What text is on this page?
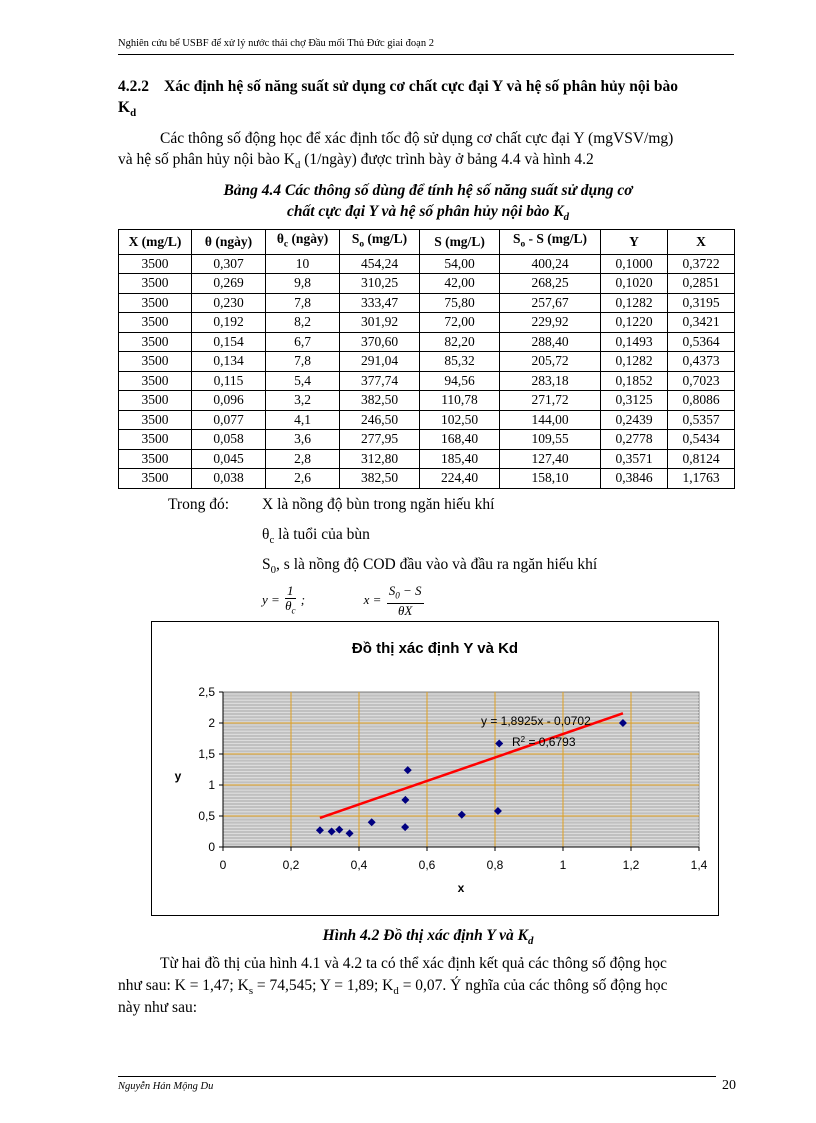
Nghiên cứu bể USBF để xử lý nước thải chợ Đầu mối Thủ Đức giai đoạn 2
4.2.2 Xác định hệ số năng suất sử dụng cơ chất cực đại Y và hệ số phân hủy nội bào
$K_d$
Các thông số động học để xác định tốc độ sử dụng cơ chất cực đại Y (mgVSV/mg)
và hệ số phân hủy nội bào $K_d$ (1/ngày) được trình bày ở bảng 4.4 và hình 4.2
Bảng 4.4 Các thông số dùng để tính hệ số năng suất sử dụng cơ
chất cực đại Y và hệ số phân hủy nội bào $K_d$
X (mg/L)	θ (ngày)	$\theta_c$ (ngày)	$S_o$ (mg/L)	S (mg/L)	$S_o$ - S (mg/L)	Y	X
3500	0,307	10	454,24	54,00	400,24	0,1000	0,3722
3500	0,269	9,8	310,25	42,00	268,25	0,1020	0,2851
3500	0,230	7,8	333,47	75,80	257,67	0,1282	0,3195
3500	0,192	8,2	301,92	72,00	229,92	0,1220	0,3421
3500	0,154	6,7	370,60	82,20	288,40	0,1493	0,5364
3500	0,134	7,8	291,04	85,32	205,72	0,1282	0,4373
3500	0,115	5,4	377,74	94,56	283,18	0,1852	0,7023
3500	0,096	3,2	382,50	110,78	271,72	0,3125	0,8086
3500	0,077	4,1	246,50	102,50	144,00	0,2439	0,5357
3500	0,058	3,6	277,95	168,40	109,55	0,2778	0,5434
3500	0,045	2,8	312,80	185,40	127,40	0,3571	0,8124
3500	0,038	2,6	382,50	224,40	158,10	0,3846	1,1763
Trong đó: X là nồng độ bùn trong ngăn hiếu khí
$\theta_c$ là tuổi của bùn
$S_0$, s là nồng độ COD đầu vào và đầu ra ngăn hiếu khí
$y = \frac{1}{\theta_c}$ ;	$x = \frac{S_0 - S}{\theta X}$
Đồ thị xác định Y và Kd
0
0,5
1
1,5
2
2,5
0	0,2	0,4	0,6	0,8	1	1,2	1,4
x
y
y = 1,8925x - 0,0702
$R^2 = 0,6793$
Hình 4.2 Đồ thị xác định Y và $K_d$
Từ hai đồ thị của hình 4.1 và 4.2 ta có thể xác định kết quả các thông số động học
như sau: K = 1,47; $K_s = 74,545$; Y = 1,89; $K_d = 0,07$. Ý nghĩa của các thông số động học
này như sau:
Nguyễn Hán Mộng Du	20
